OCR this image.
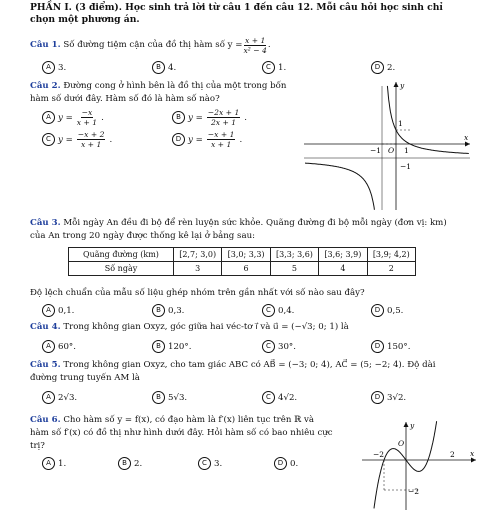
PHẦN I. (3 điểm). Học sinh trả lời từ câu 1 đến câu 12. Mỗi câu hỏi học sinh chỉ
chọn một phương án.
Câu 1.
Số đường tiệm cận của đồ thị hàm số $y = \frac{x + 1}{\text{x² − 4}}$ .
A 3.	B 4.	C 1.	D 2.
Câu 2. Đường cong ở hình bên là đồ thị của một trong bốn
hàm số dưới đây. Hàm số đó là hàm số nào?
A $y = \frac{-x}{x + 1}$ .	B $y = \frac{-2x + 1}{2x + 1}$ .
C $y = \frac{-x + 2}{x + 1}$ .	D $y = \frac{-x + 1}{x + 1}$ .
y
x
O
−1	1
1
−1
Câu 3. Mỗi ngày An đều đi bộ để rèn luyện sức khỏe. Quãng đường đi bộ mỗi ngày (đơn vị: km)
của An trong 20 ngày được thống kê lại ở bảng sau:
Quãng đường (km)	[2,7; 3,0)	[3,0; 3,3)	[3,3; 3,6)	[3,6; 3,9)	[3,9; 4,2)
Số ngày	3	6	5	4	2
Độ lệch chuẩn của mẫu số liệu ghép nhóm trên gần nhất với số nào sau đây?
A 0,1.	B 0,3.	C 0,4.	D 0,5.
Câu 4. Trong không gian Oxyz, góc giữa hai véc-tơ i⃗ và u⃗ = (−√3; 0; 1) là
A 60°.	B 120°.	C 30°.	D 150°.
Câu 5. Trong không gian Oxyz, cho tam giác ABC có AB⃗ = (−3; 0; 4), AC⃗ = (5; −2; 4). Độ dài
đường trung tuyến AM là
A 2√3.	B 5√3.	C 4√2.	D 3√2.
Câu 6. Cho hàm số y = f(x), có đạo hàm là f′(x) liên tục trên ℝ và
hàm số f′(x) có đồ thị như hình dưới đây. Hỏi hàm số có bao nhiêu cực
trị?
A 1.	B 2.	C 3.	D 0.
y
x
O
−2	2
−2
